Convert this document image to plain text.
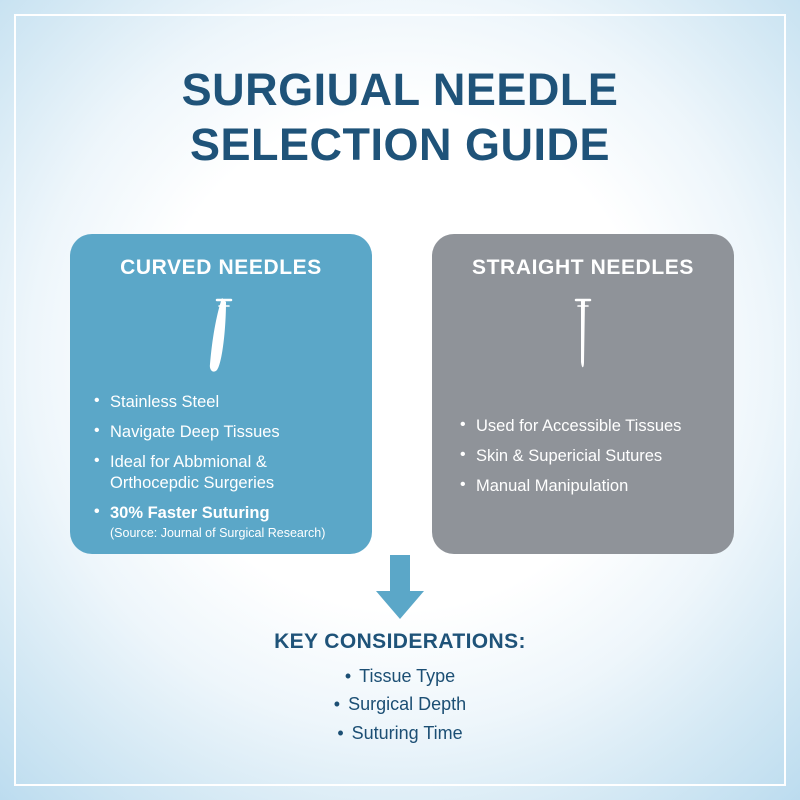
SURGIUAL NEEDLE
SELECTION GUIDE
CURVED NEEDLES
• Stainless Steel
• Navigate Deep Tissues
• Ideal for Abbmional & Orthocepdic Surgeries
• 30% Faster Suturing
(Source: Journal of Surgical Research)
STRAIGHT NEEDLES
• Used for Accessible Tissues
• Skin & Supericial Sutures
• Manual Manipulation
KEY CONSIDERATIONS:
• Tissue Type
• Surgical Depth
• Suturing Time
